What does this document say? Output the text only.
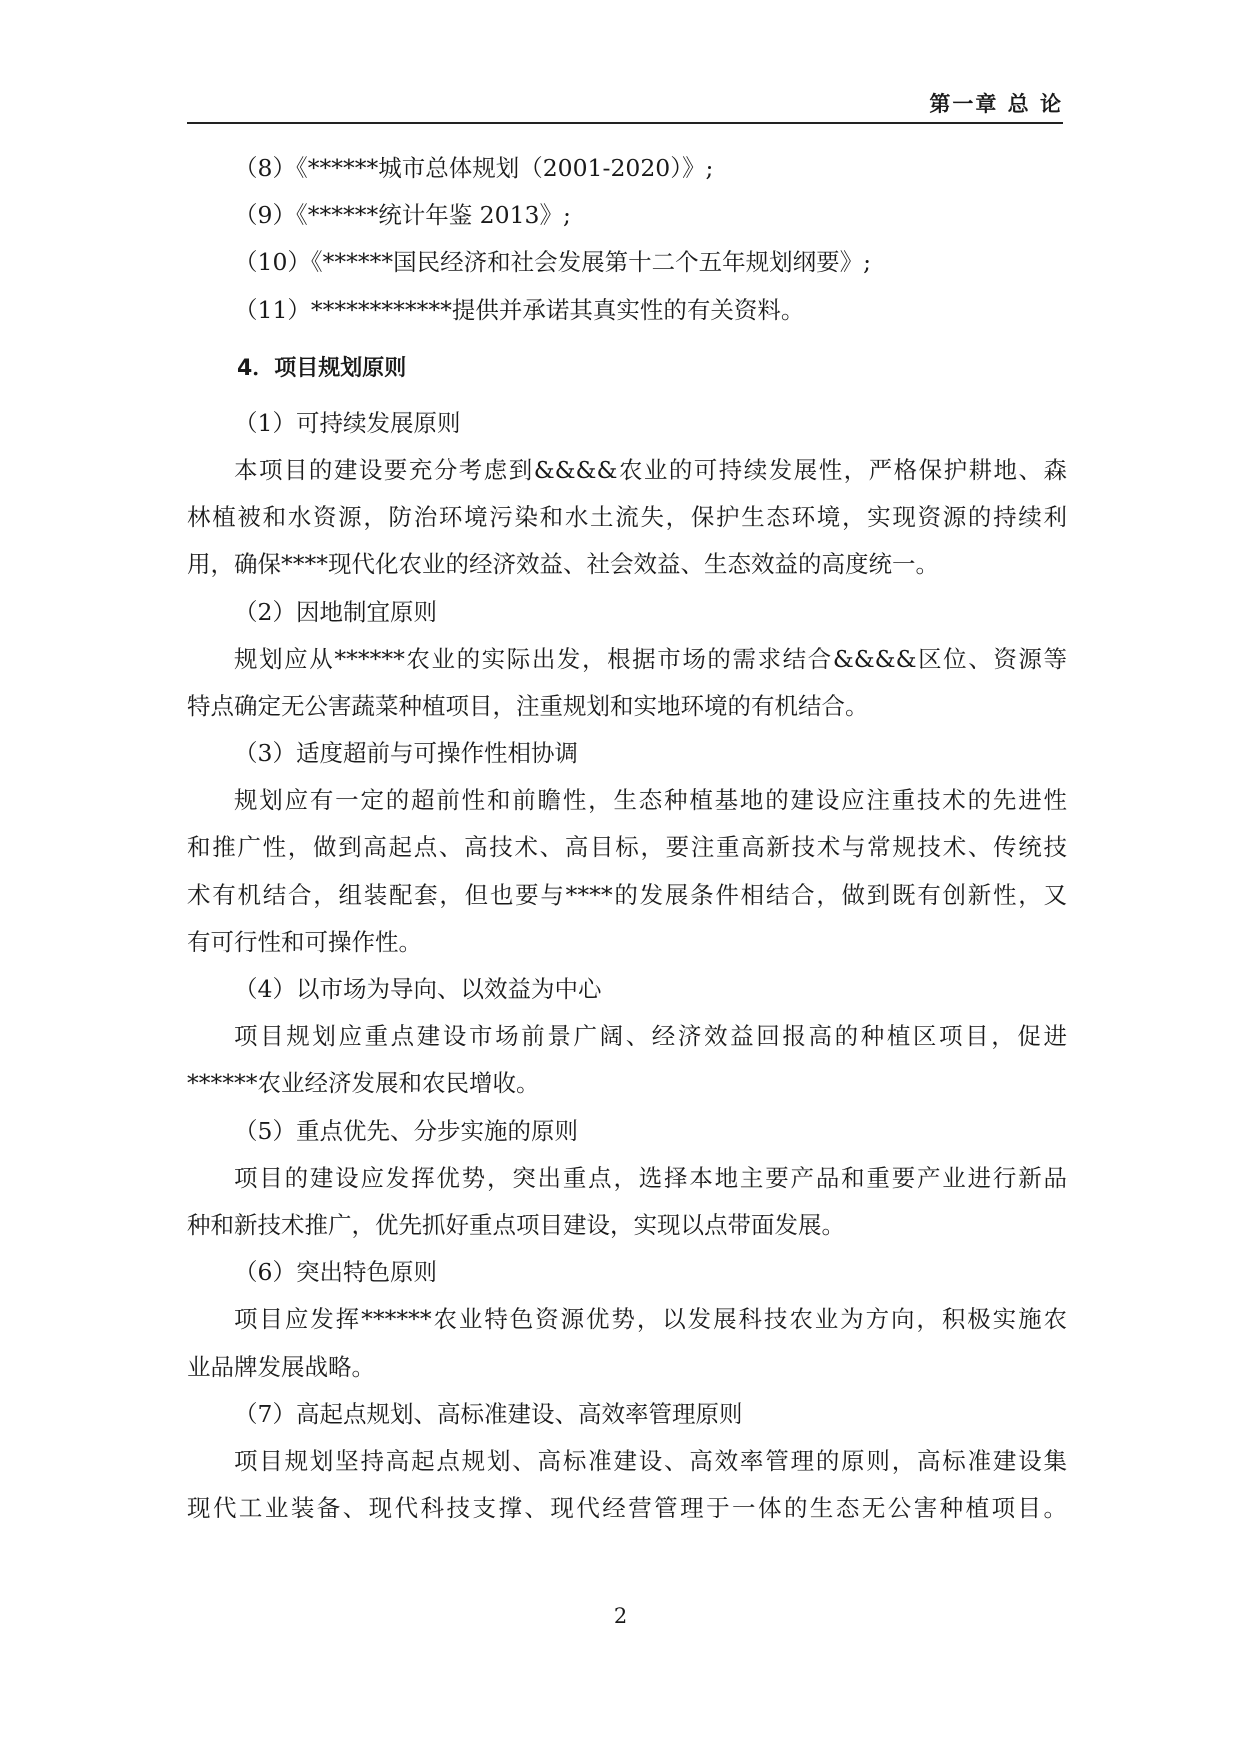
第一章 总 论
（8）《******城市总体规划（2001-2020）》;
（9）《******统计年鉴 2013》;
（10）《******国民经济和社会发展第十二个五年规划纲要》;
（11）************提供并承诺其真实性的有关资料。
4．项目规划原则
（1）可持续发展原则
本项目的建设要充分考虑到&&&&农业的可持续发展性，严格保护耕地、森
林植被和水资源，防治环境污染和水土流失，保护生态环境，实现资源的持续利
用，确保****现代化农业的经济效益、社会效益、生态效益的高度统一。
（2）因地制宜原则
规划应从******农业的实际出发，根据市场的需求结合&&&&区位、资源等
特点确定无公害蔬菜种植项目，注重规划和实地环境的有机结合。
（3）适度超前与可操作性相协调
规划应有一定的超前性和前瞻性，生态种植基地的建设应注重技术的先进性
和推广性，做到高起点、高技术、高目标，要注重高新技术与常规技术、传统技
术有机结合，组装配套，但也要与****的发展条件相结合，做到既有创新性，又
有可行性和可操作性。
（4）以市场为导向、以效益为中心
项目规划应重点建设市场前景广阔、经济效益回报高的种植区项目，促进
******农业经济发展和农民增收。
（5）重点优先、分步实施的原则
项目的建设应发挥优势，突出重点，选择本地主要产品和重要产业进行新品
种和新技术推广，优先抓好重点项目建设，实现以点带面发展。
（6）突出特色原则
项目应发挥******农业特色资源优势，以发展科技农业为方向，积极实施农
业品牌发展战略。
（7）高起点规划、高标准建设、高效率管理原则
项目规划坚持高起点规划、高标准建设、高效率管理的原则，高标准建设集
现代工业装备、现代科技支撑、现代经营管理于一体的生态无公害种植项目。
2
